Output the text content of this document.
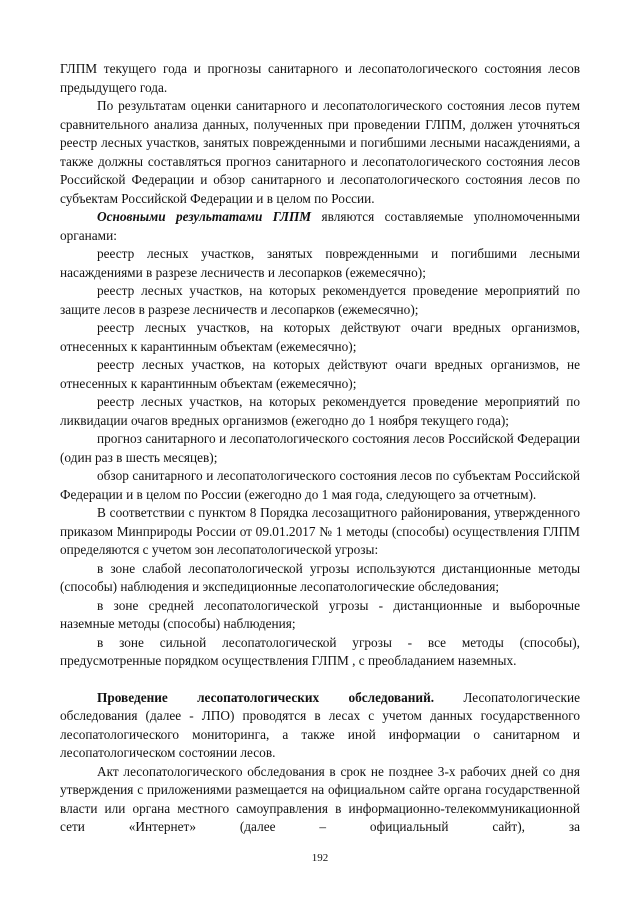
ГЛПМ текущего года и прогнозы санитарного и лесопатологического состояния лесов предыдущего года.

По результатам оценки санитарного и лесопатологического состояния лесов путем сравнительного анализа данных, полученных при проведении ГЛПМ, должен уточняться реестр лесных участков, занятых поврежденными и погибшими лесными насаждениями, а также должны составляться прогноз санитарного и лесопатологического состояния лесов Российской Федерации и обзор санитарного и лесопатологического состояния лесов по субъектам Российской Федерации и в целом по России.

Основными результатами ГЛПМ являются составляемые уполномоченными органами:

реестр лесных участков, занятых поврежденными и погибшими лесными насаждениями в разрезе лесничеств и лесопарков (ежемесячно);

реестр лесных участков, на которых рекомендуется проведение мероприятий по защите лесов в разрезе лесничеств и лесопарков (ежемесячно);

реестр лесных участков, на которых действуют очаги вредных организмов, отнесенных к карантинным объектам (ежемесячно);

реестр лесных участков, на которых действуют очаги вредных организмов, не отнесенных к карантинным объектам (ежемесячно);

реестр лесных участков, на которых рекомендуется проведение мероприятий по ликвидации очагов вредных организмов (ежегодно до 1 ноября текущего года);

прогноз санитарного и лесопатологического состояния лесов Российской Федерации (один раз в шесть месяцев);

обзор санитарного и лесопатологического состояния лесов по субъектам Российской Федерации и в целом по России (ежегодно до 1 мая года, следующего за отчетным).

В соответствии с пунктом 8 Порядка лесозащитного районирования, утвержденного приказом Минприроды России от 09.01.2017 № 1 методы (способы) осуществления ГЛПМ определяются с учетом зон лесопатологической угрозы:

в зоне слабой лесопатологической угрозы используются дистанционные методы (способы) наблюдения и экспедиционные лесопатологические обследования;

в зоне средней лесопатологической угрозы - дистанционные и выборочные наземные методы (способы) наблюдения;

в зоне сильной лесопатологической угрозы - все методы (способы), предусмотренные порядком осуществления ГЛПМ , с преобладанием наземных.

Проведение лесопатологических обследований. Лесопатологические обследования (далее - ЛПО) проводятся в лесах с учетом данных государственного лесопатологического мониторинга, а также иной информации о санитарном и лесопатологическом состоянии лесов.

Акт лесопатологического обследования в срок не позднее 3-х рабочих дней со дня утверждения с приложениями размещается на официальном сайте органа государственной власти или органа местного самоуправления в информационно-телекоммуникационной сети «Интернет» (далее – официальный сайт), за

192
